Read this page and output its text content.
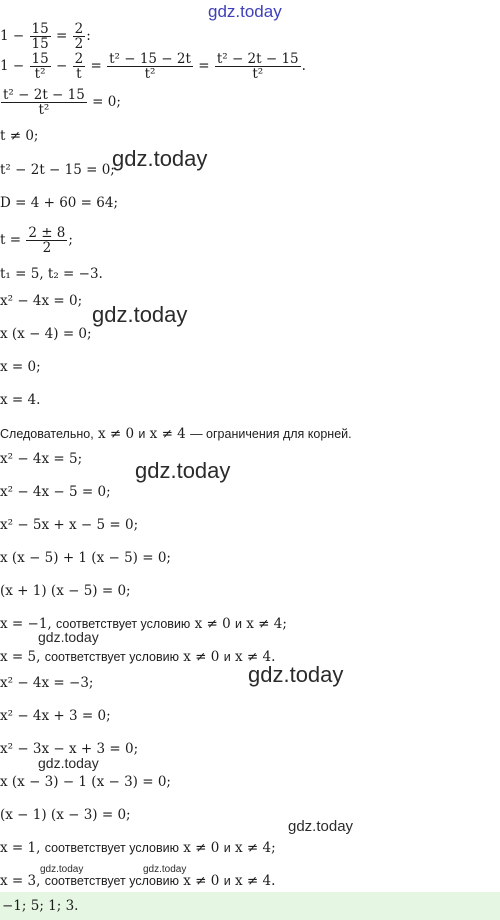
gdz.today
gdz.today
gdz.today
gdz.today
gdz.today
gdz.today
gdz.today
gdz.today
gdz.today	gdz.today
$1 - \frac{15}{15} = \frac{2}{2}$ :
$1 - \frac{15}{\text{t²}} - \frac{2}{t} = \frac{\text{t² − 15 − 2t}}{\text{t²}} = \frac{\text{t² − 2t − 15}}{\text{t²}}$ .
$\frac{\text{t² − 2t − 15}}{\text{t²}} = 0$;
t ≠ 0;
t² − 2t − 15 = 0;
D = 4 + 60 = 64;
$t = \frac{2 \pm 8}{2}$ ;
t₁ = 5, t₂ = −3.
x² − 4x = 0;
x (x − 4) = 0;
x = 0;
x = 4.
Следовательно, x ≠ 0 и x ≠ 4 — ограничения для корней.
x² − 4x = 5;
x² − 4x − 5 = 0;
x² − 5x + x − 5 = 0;
x (x − 5) + 1 (x − 5) = 0;
(x + 1) (x − 5) = 0;
x = −1, соответствует условию x ≠ 0 и x ≠ 4;
x = 5, соответствует условию x ≠ 0 и x ≠ 4.
x² − 4x = −3;
x² − 4x + 3 = 0;
x² − 3x − x + 3 = 0;
x (x − 3) − 1 (x − 3) = 0;
(x − 1) (x − 3) = 0;
x = 1, соответствует условию x ≠ 0 и x ≠ 4;
x = 3, соответствует условию x ≠ 0 и x ≠ 4.
−1; 5; 1; 3.
